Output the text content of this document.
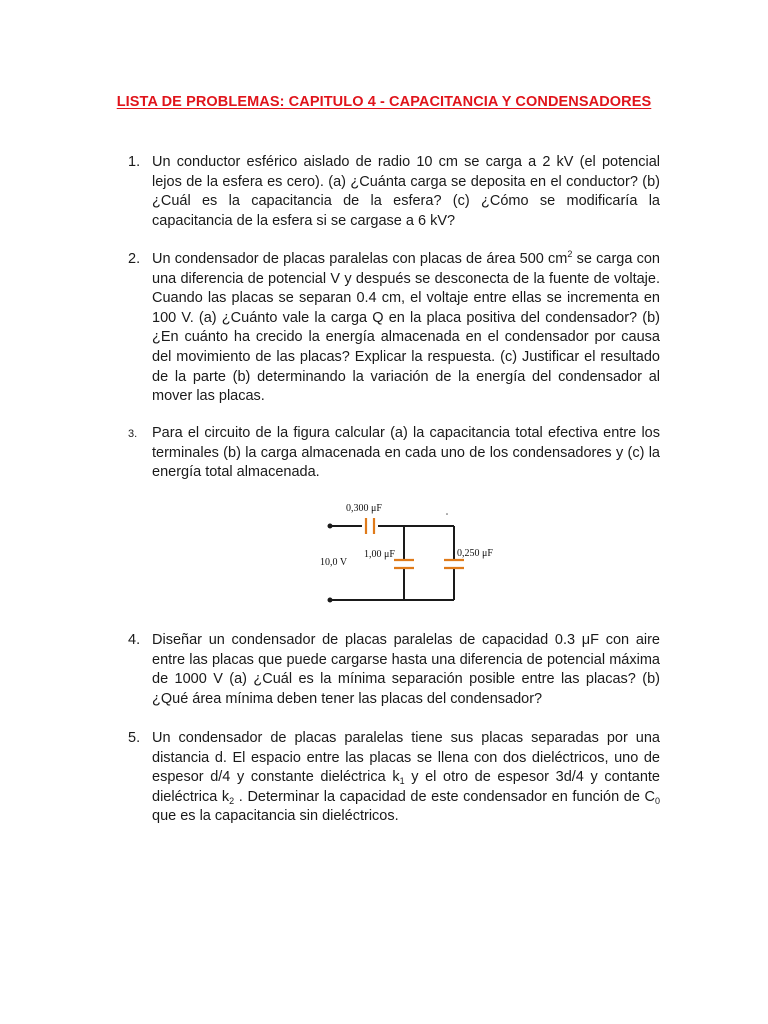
LISTA DE PROBLEMAS: CAPITULO 4 - CAPACITANCIA Y CONDENSADORES
1. Un conductor esférico aislado de radio 10 cm se carga a 2 kV (el potencial lejos de la esfera es cero). (a) ¿Cuánta carga se deposita en el conductor? (b) ¿Cuál es la capacitancia de la esfera? (c) ¿Cómo se modificaría la capacitancia de la esfera si se cargase a 6 kV?
2. Un condensador de placas paralelas con placas de área 500 $cm^2$ se carga con una diferencia de potencial V y después se desconecta de la fuente de voltaje. Cuando las placas se separan 0.4 cm, el voltaje entre ellas se incrementa en 100 V. (a) ¿Cuánto vale la carga Q en la placa positiva del condensador? (b) ¿En cuánto ha crecido la energía almacenada en el condensador por causa del movimiento de las placas? Explicar la respuesta. (c) Justificar el resultado de la parte (b) determinando la variación de la energía del condensador al mover las placas.
3. Para el circuito de la figura calcular (a) la capacitancia total efectiva entre los terminales (b) la carga almacenada en cada uno de los condensadores y (c) la energía total almacenada.
0,300 μF
1,00 μF	0,250 μF
10,0 V
4. Diseñar un condensador de placas paralelas de capacidad 0.3 μF con aire entre las placas que puede cargarse hasta una diferencia de potencial máxima de 1000 V (a) ¿Cuál es la mínima separación posible entre las placas? (b) ¿Qué área mínima deben tener las placas del condensador?
5. Un condensador de placas paralelas tiene sus placas separadas por una distancia d. El espacio entre las placas se llena con dos dieléctricos, uno de espesor d/4 y constante dieléctrica $k_1$ y el otro de espesor 3d/4 y contante dieléctrica $k_2$ . Determinar la capacidad de este condensador en función de $C_0$ que es la capacitancia sin dieléctricos.
